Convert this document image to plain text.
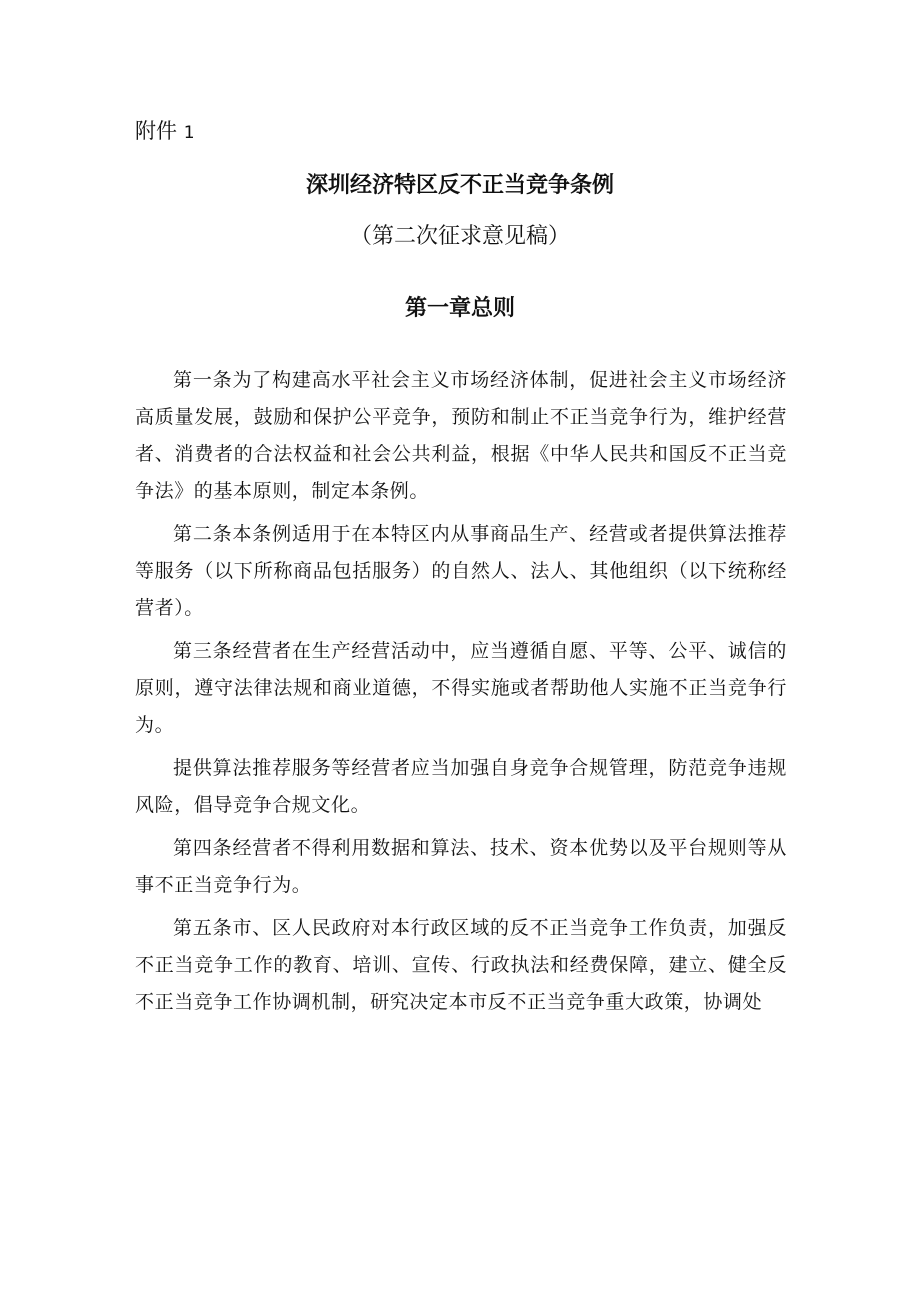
附件 1
深圳经济特区反不正当竞争条例
（第二次征求意见稿）
第一章总则

第一条为了构建高水平社会主义市场经济体制，促进社会主义市场经济高质量发展，鼓励和保护公平竞争，预防和制止不正当竞争行为，维护经营者、消费者的合法权益和社会公共利益，根据《中华人民共和国反不正当竞争法》的基本原则，制定本条例。

第二条本条例适用于在本特区内从事商品生产、经营或者提供算法推荐等服务（以下所称商品包括服务）的自然人、法人、其他组织（以下统称经营者）。

第三条经营者在生产经营活动中，应当遵循自愿、平等、公平、诚信的原则，遵守法律法规和商业道德，不得实施或者帮助他人实施不正当竞争行为。

提供算法推荐服务等经营者应当加强自身竞争合规管理，防范竞争违规风险，倡导竞争合规文化。

第四条经营者不得利用数据和算法、技术、资本优势以及平台规则等从事不正当竞争行为。

第五条市、区人民政府对本行政区域的反不正当竞争工作负责，加强反不正当竞争工作的教育、培训、宣传、行政执法和经费保障，建立、健全反不正当竞争工作协调机制，研究决定本市反不正当竞争重大政策，协调处
